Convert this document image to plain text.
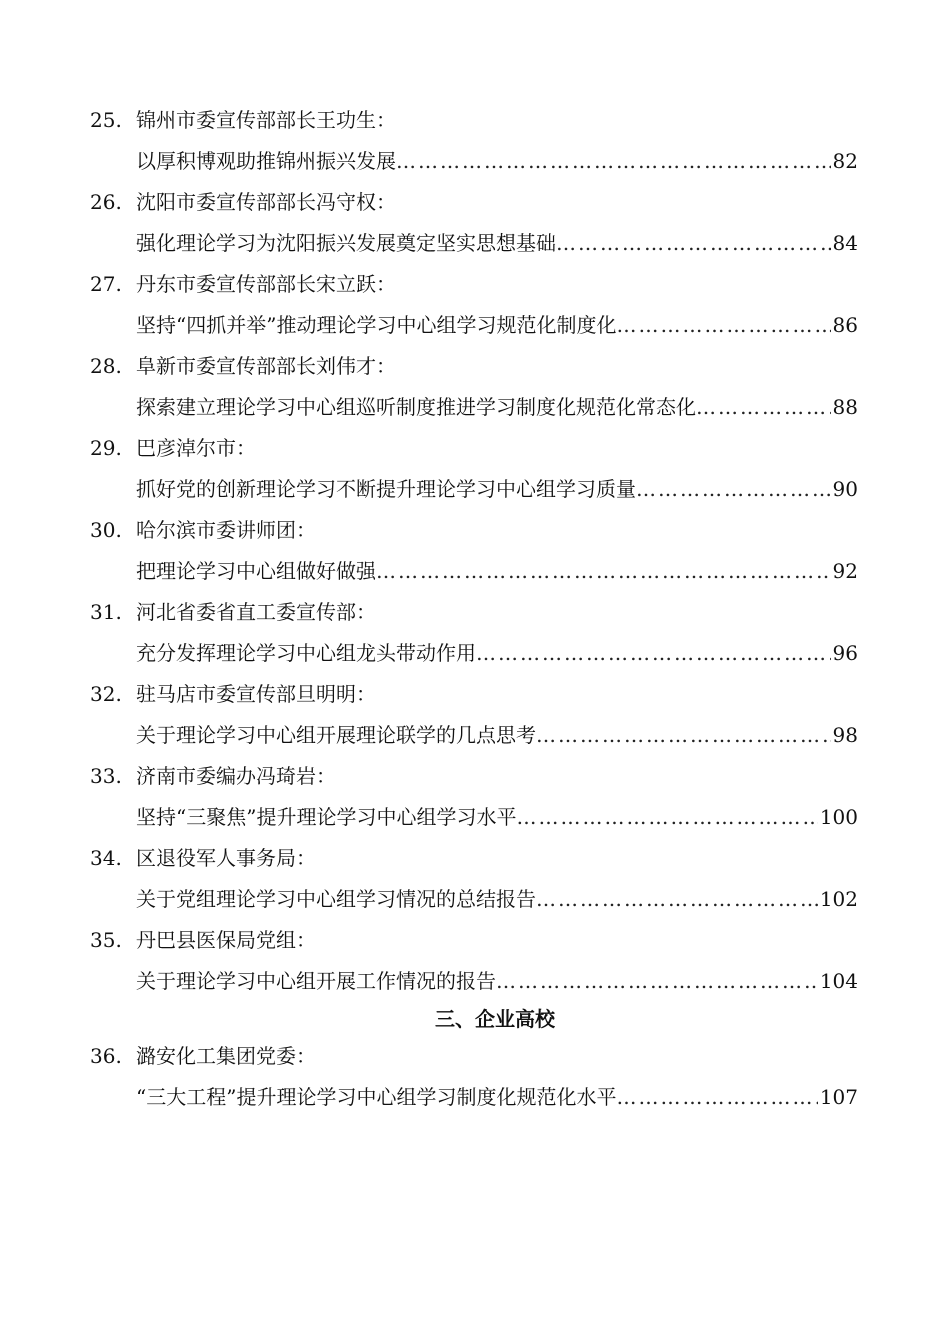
25. 锦州市委宣传部部长王功生：
以厚积博观助推锦州振兴发展 ……………………………………………………………………………………………………………………………………	82
26. 沈阳市委宣传部部长冯守权：
强化理论学习为沈阳振兴发展奠定坚实思想基础 ……………………………………………………………………………………………………………………………………	84
27. 丹东市委宣传部部长宋立跃：
坚持“四抓并举”推动理论学习中心组学习规范化制度化 ……………………………………………………………………………………………………………………………………	86
28. 阜新市委宣传部部长刘伟才：
探索建立理论学习中心组巡听制度推进学习制度化规范化常态化 ……………………………………………………………………………………………………………………………………	88
29. 巴彦淖尔市：
抓好党的创新理论学习不断提升理论学习中心组学习质量 ……………………………………………………………………………………………………………………………………	90
30. 哈尔滨市委讲师团：
把理论学习中心组做好做强 ……………………………………………………………………………………………………………………………………	92
31. 河北省委省直工委宣传部：
充分发挥理论学习中心组龙头带动作用 ……………………………………………………………………………………………………………………………………	96
32. 驻马店市委宣传部旦明明：
关于理论学习中心组开展理论联学的几点思考 ……………………………………………………………………………………………………………………………………	98
33. 济南市委编办冯琦岩：
坚持“三聚焦”提升理论学习中心组学习水平 ……………………………………………………………………………………………………………………………………	100
34. 区退役军人事务局：
关于党组理论学习中心组学习情况的总结报告 ……………………………………………………………………………………………………………………………………	102
35. 丹巴县医保局党组：
关于理论学习中心组开展工作情况的报告 ……………………………………………………………………………………………………………………………………	104
三、企业高校
36. 潞安化工集团党委：
“三大工程”提升理论学习中心组学习制度化规范化水平 ……………………………………………………………………………………………………………………………………	107
